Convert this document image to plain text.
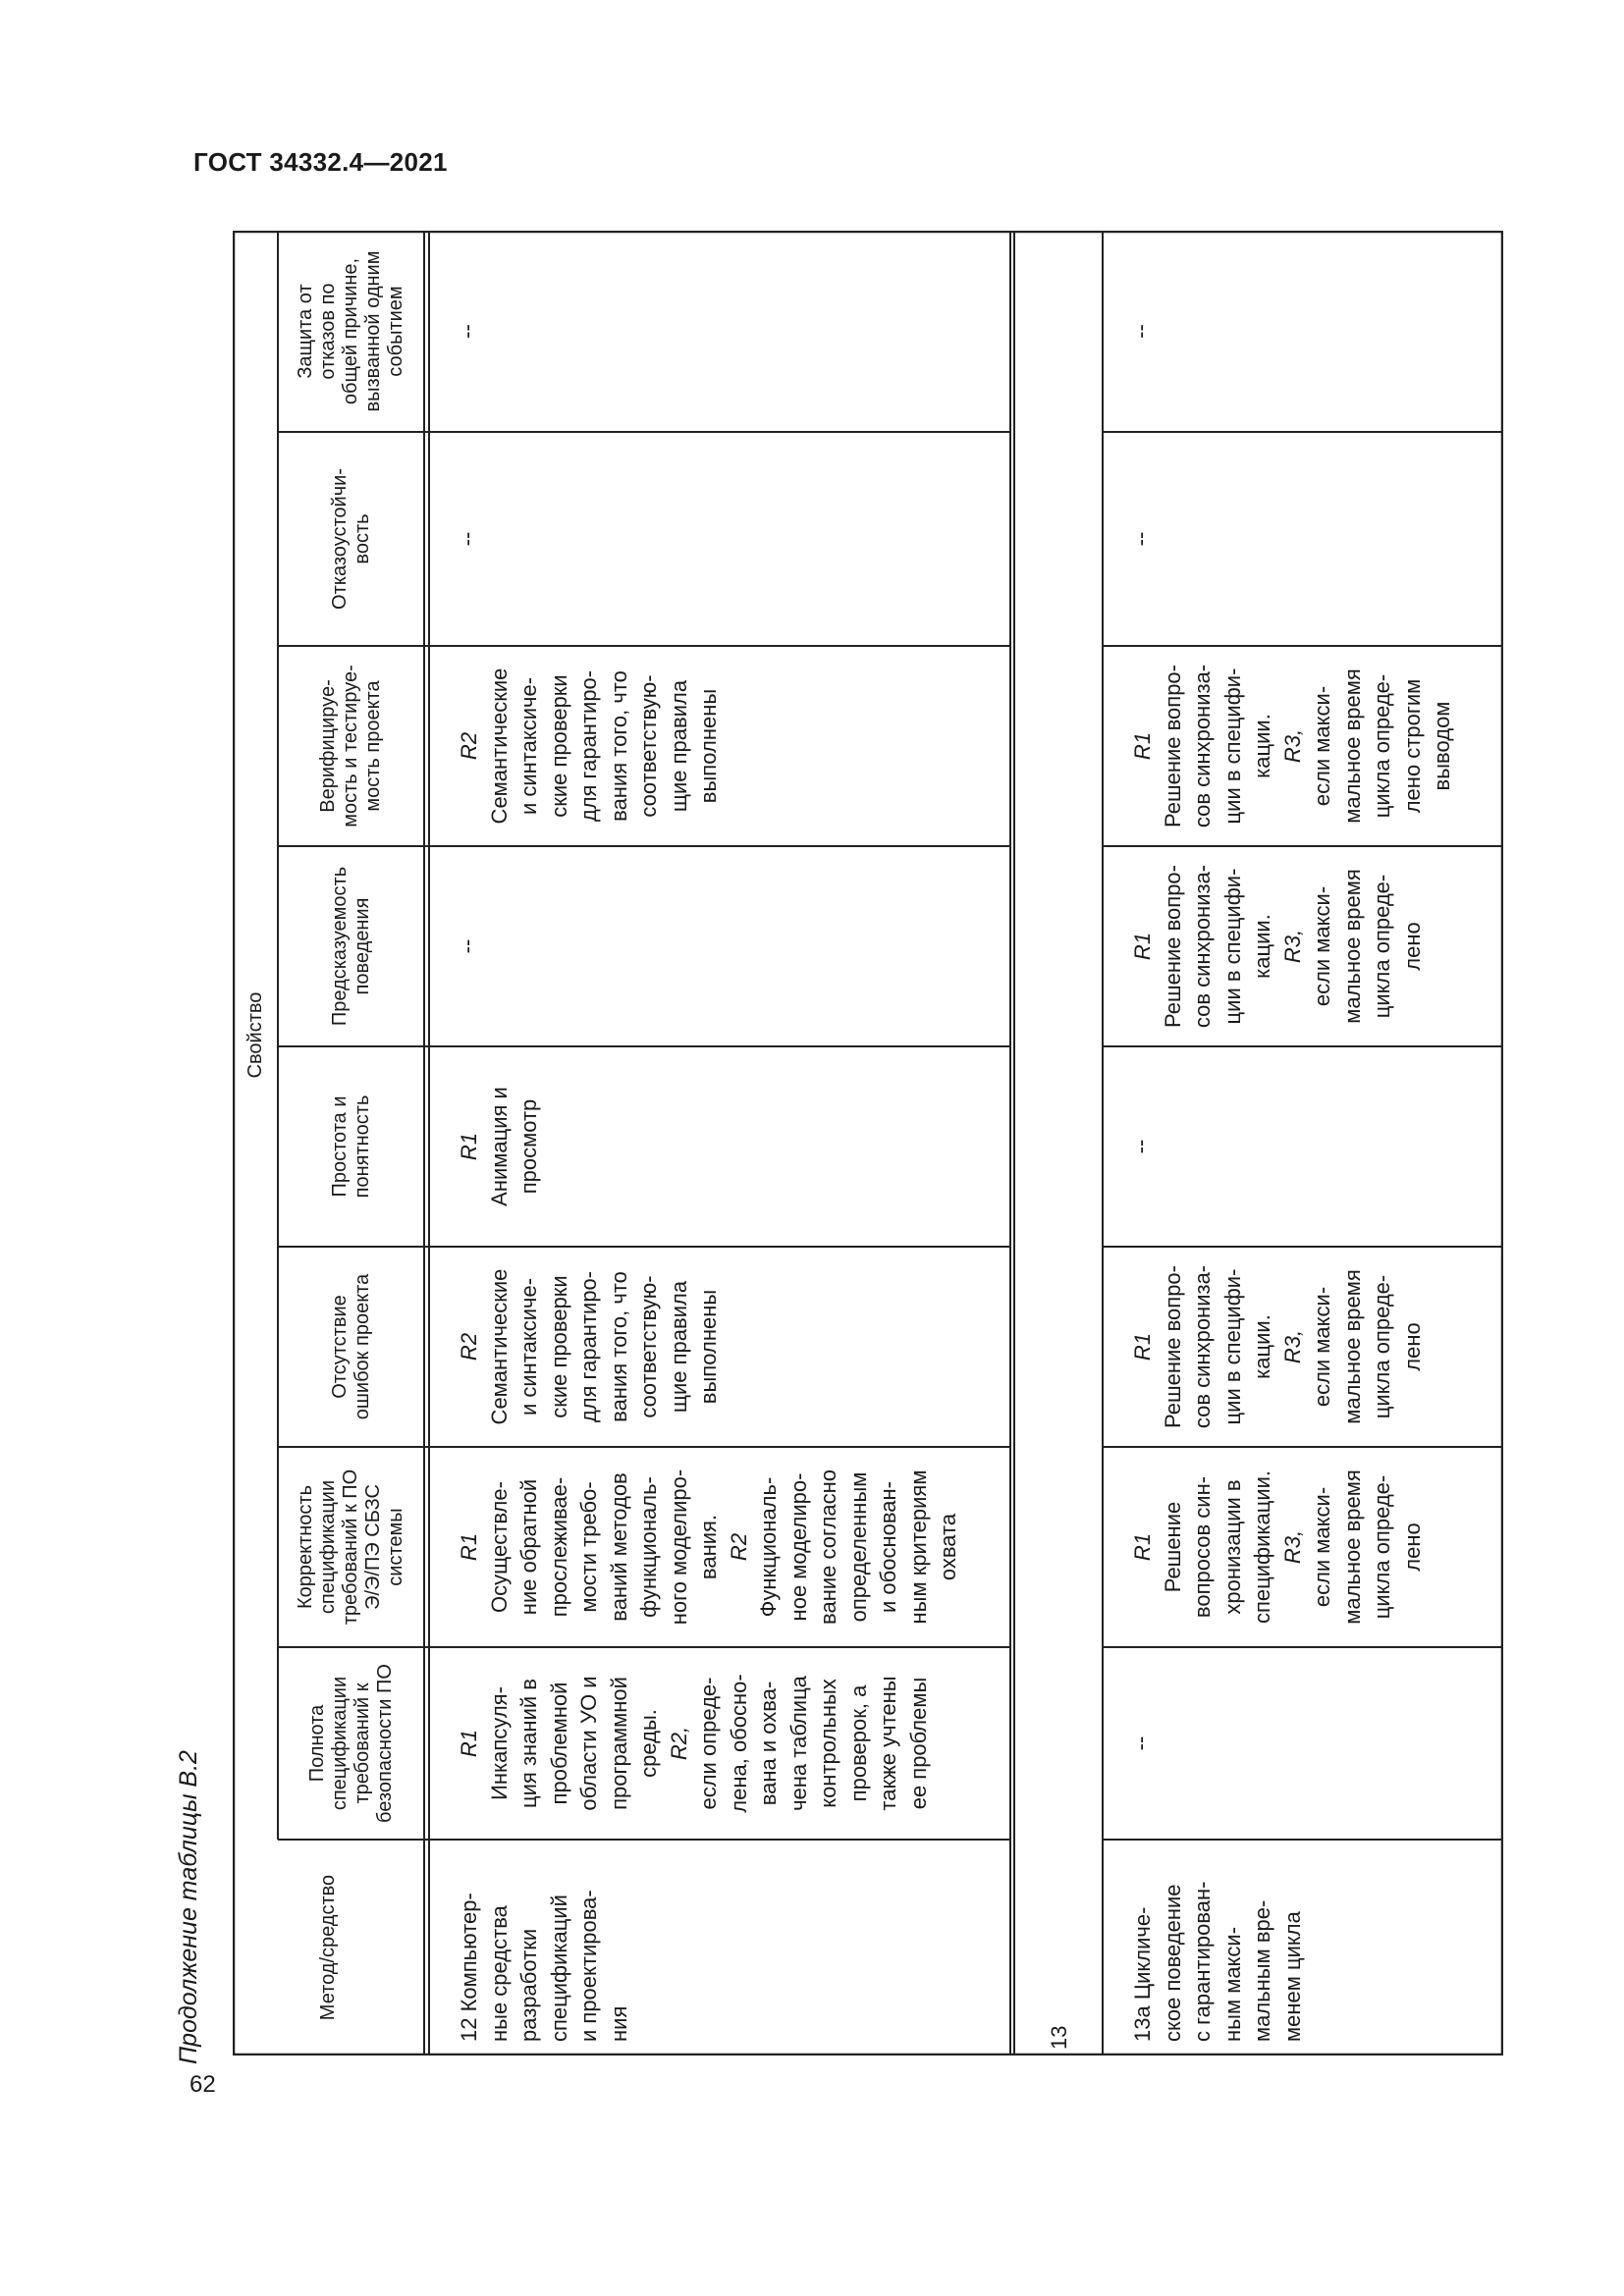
ГОСТ 34332.4—2021
Продолжение таблицы В.2
62
Свойство
Метод/средство
Полнота спецификации требований к безопасности ПО
Корректность спецификации требований к ПО Э/Э/ПЭ СБЗС системы
Отсутствие ошибок проекта
Простота и понятность
Предсказуемость поведения
Верифицируе- мость и тестируе- мость проекта
Отказоустойчи- вость
Защита от отказов по общей причине, вызванной одним событием
12 Компьютер- ные средства разработки спецификаций и проектирова- ния
R1 Инкапсуля- ция знаний в проблемной области УО и программной среды. R2, если опреде- лена, обосно- вана и охва- чена таблица контрольных проверок, а также учтены ее проблемы
R1 Осуществле- ние обратной прослеживае- мости требо- ваний методов функциональ- ного моделиро- вания. R2 Функциональ- ное моделиро- вание согласно определенным и обоснован- ным критериям охвата
R2 Семантические и синтаксиче- ские проверки для гарантиро- вания того, что соответствую- щие правила выполнены
R1 Анимация и просмотр
--
R2 Семантические и синтаксиче- ские проверки для гарантиро- вания того, что соответствую- щие правила выполнены
--
--
13	13а Цикличе- ское поведение с гарантирован- ным макси- мальным вре- менем цикла
--
R1 Решение вопросов син- хронизации в спецификации. R3, если макси- мальное время цикла опреде- лено
R1 Решение вопро- сов синхрониза- ции в специфи- кации. R3, если макси- мальное время цикла опреде- лено
--
R1 Решение вопро- сов синхрониза- ции в специфи- кации. R3, если макси- мальное время цикла опреде- лено
R1 Решение вопро- сов синхрониза- ции в специфи- кации. R3, если макси- мальное время цикла опреде- лено строгим выводом
--
--
